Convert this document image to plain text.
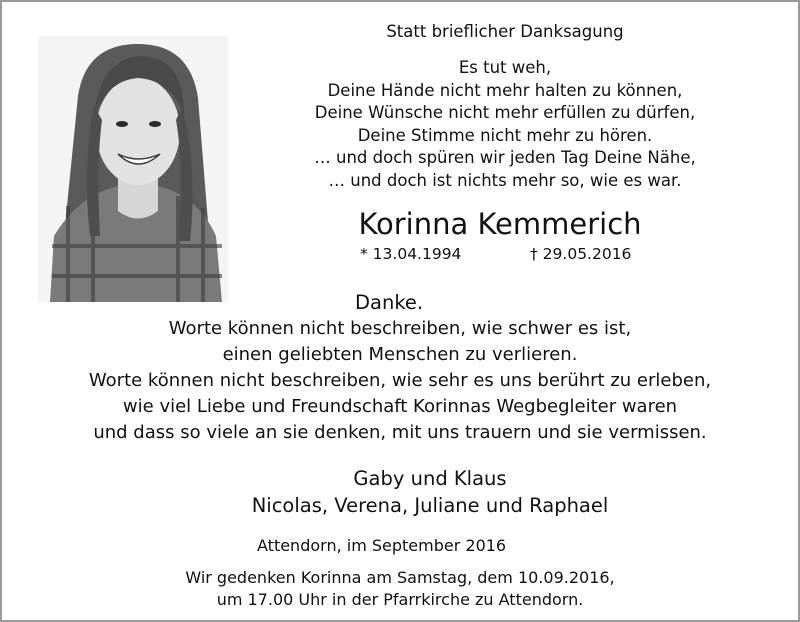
Statt brieflicher Danksagung
Es tut weh,
Deine Hände nicht mehr halten zu können,
Deine Wünsche nicht mehr erfüllen zu dürfen,
Deine Stimme nicht mehr zu hören.
… und doch spüren wir jeden Tag Deine Nähe,
… und doch ist nichts mehr so, wie es war.
Korinna Kemmerich
* 13.04.1994	† 29.05.2016
Danke.
Worte können nicht beschreiben, wie schwer es ist,
einen geliebten Menschen zu verlieren.
Worte können nicht beschreiben, wie sehr es uns berührt zu erleben,
wie viel Liebe und Freundschaft Korinnas Wegbegleiter waren
und dass so viele an sie denken, mit uns trauern und sie vermissen.
Gaby und Klaus
Nicolas, Verena, Juliane und Raphael
Attendorn, im September 2016
Wir gedenken Korinna am Samstag, dem 10.09.2016,
um 17.00 Uhr in der Pfarrkirche zu Attendorn.
